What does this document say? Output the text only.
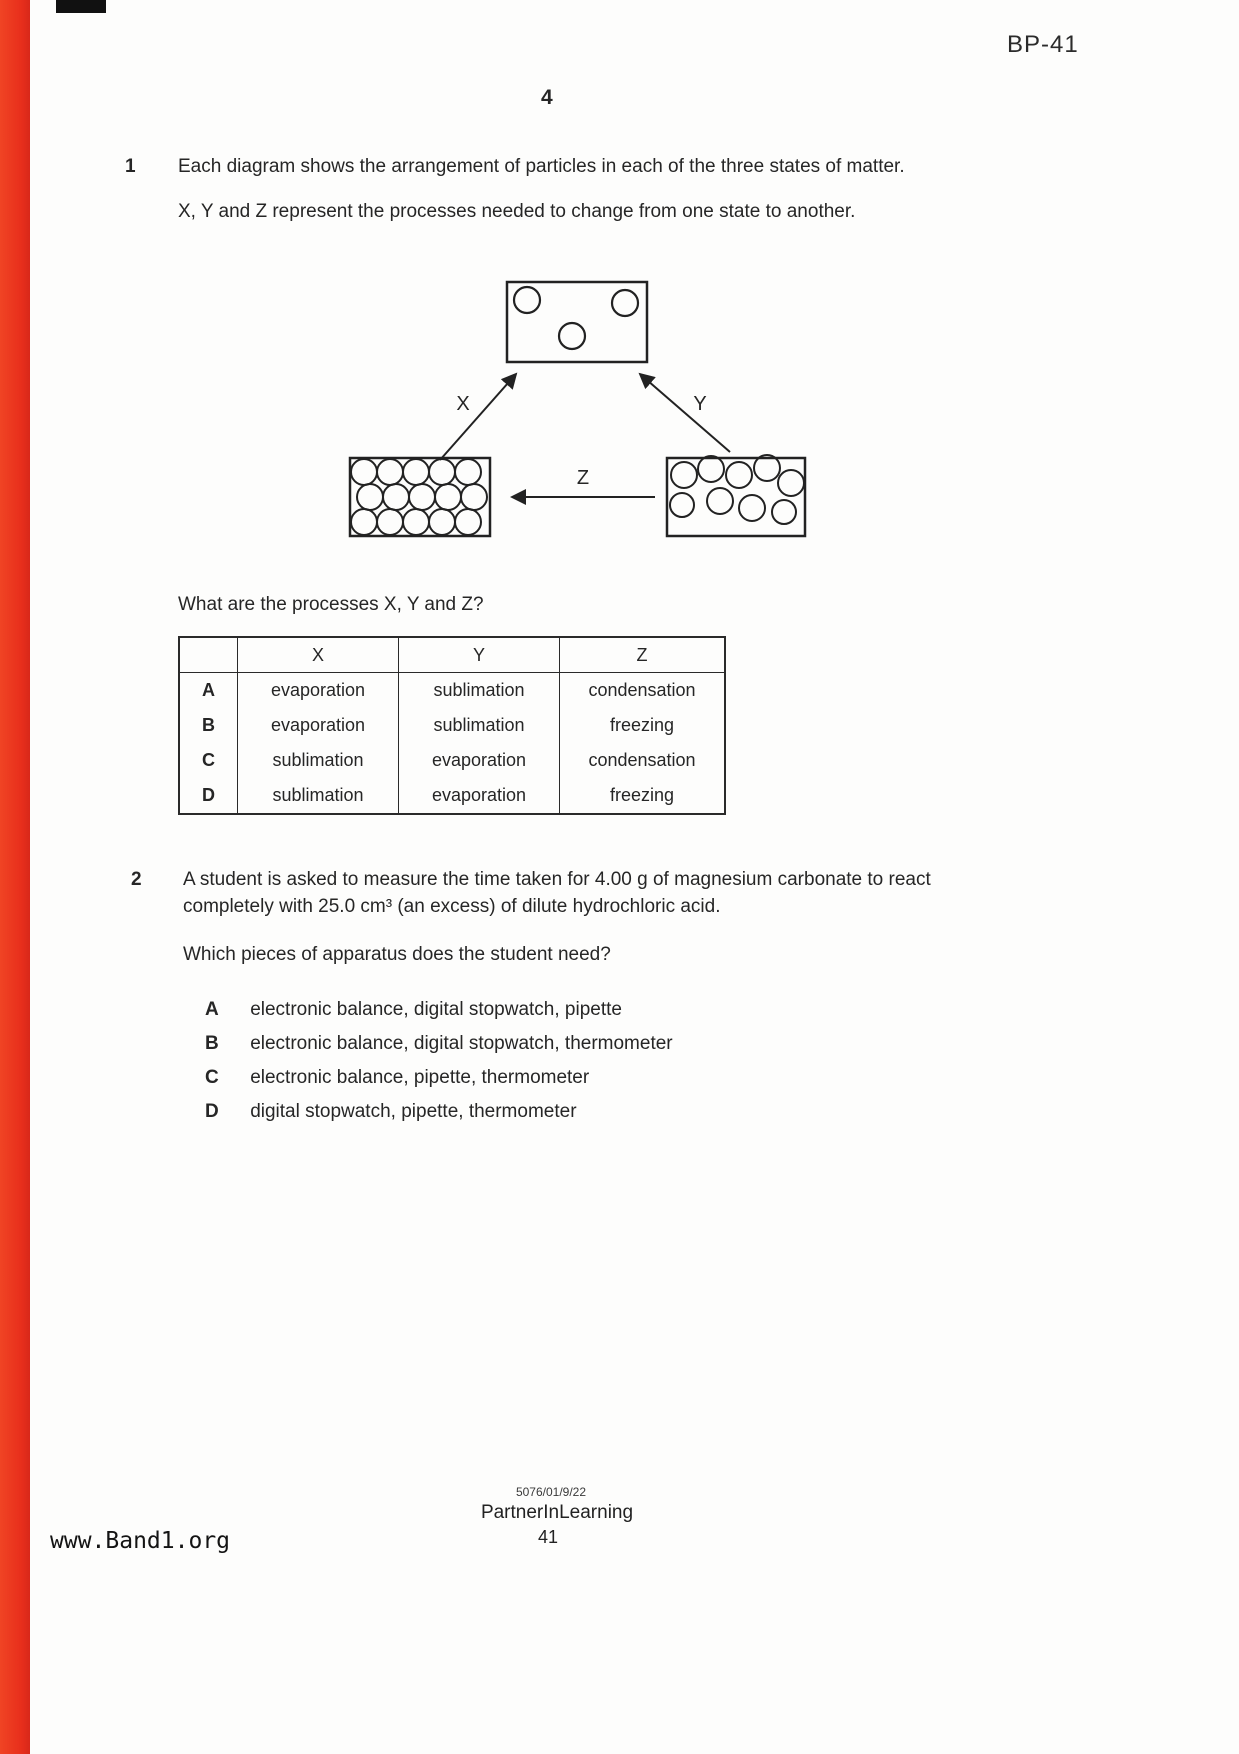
BP-41
4
1 Each diagram shows the arrangement of particles in each of the three states of matter.
X, Y and Z represent the processes needed to change from one state to another.
X	Y
Z
What are the processes X, Y and Z?
	X	Y	Z
A	evaporation	sublimation	condensation
B	evaporation	sublimation	freezing
C	sublimation	evaporation	condensation
D	sublimation	evaporation	freezing
2 A student is asked to measure the time taken for 4.00 g of magnesium carbonate to react
completely with 25.0 cm³ (an excess) of dilute hydrochloric acid.
Which pieces of apparatus does the student need?
A electronic balance, digital stopwatch, pipette
B electronic balance, digital stopwatch, thermometer
C electronic balance, pipette, thermometer
D digital stopwatch, pipette, thermometer
5076/01/9/22
PartnerInLearning
41
www.Band1.org
